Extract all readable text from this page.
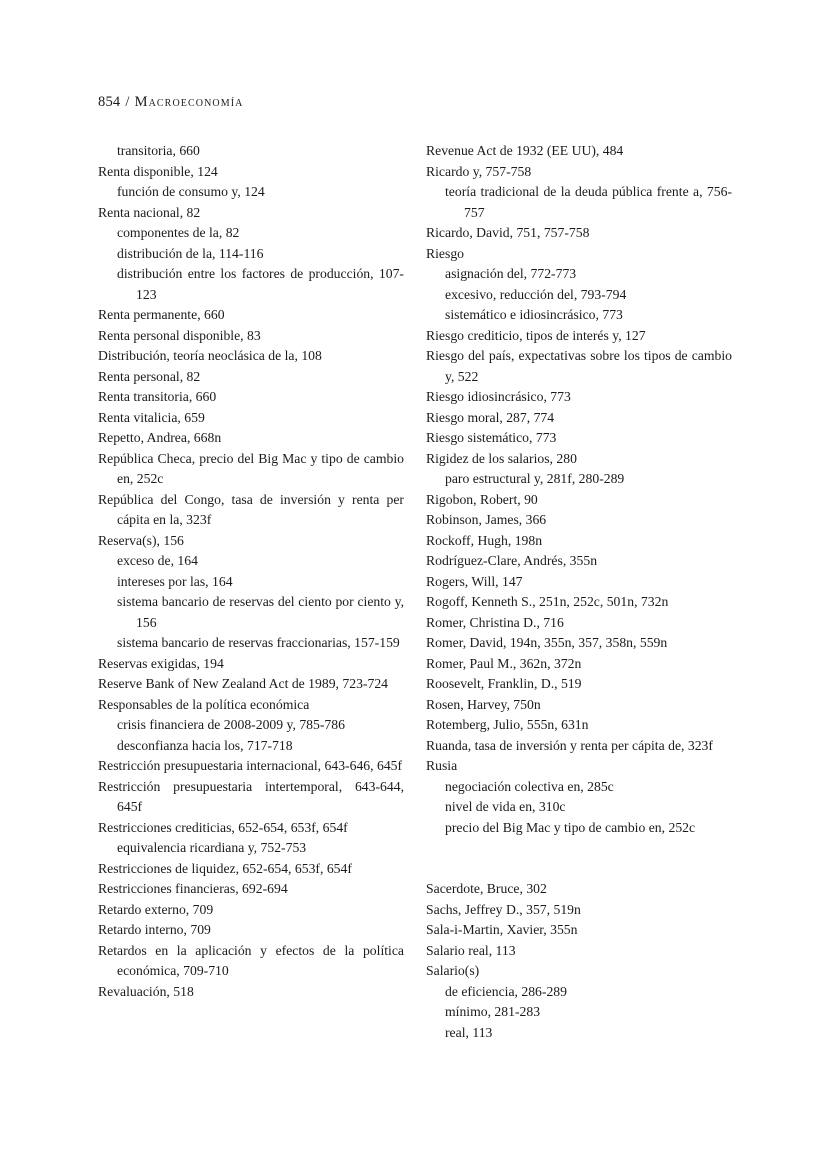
854 / Macroeconomía
transitoria, 660
Renta disponible, 124
función de consumo y, 124
Renta nacional, 82
componentes de la, 82
distribución de la, 114-116
distribución entre los factores de producción, 107-123
Renta permanente, 660
Renta personal disponible, 83
Distribución, teoría neoclásica de la, 108
Renta personal, 82
Renta transitoria, 660
Renta vitalicia, 659
Repetto, Andrea, 668n
República Checa, precio del Big Mac y tipo de cambio en, 252c
República del Congo, tasa de inversión y renta per cápita en la, 323f
Reserva(s), 156
exceso de, 164
intereses por las, 164
sistema bancario de reservas del ciento por ciento y, 156
sistema bancario de reservas fraccionarias, 157-159
Reservas exigidas, 194
Reserve Bank of New Zealand Act de 1989, 723-724
Responsables de la política económica
crisis financiera de 2008-2009 y, 785-786
desconfianza hacia los, 717-718
Restricción presupuestaria internacional, 643-646, 645f
Restricción presupuestaria intertemporal, 643-644, 645f
Restricciones crediticias, 652-654, 653f, 654f
equivalencia ricardiana y, 752-753
Restricciones de liquidez, 652-654, 653f, 654f
Restricciones financieras, 692-694
Retardo externo, 709
Retardo interno, 709
Retardos en la aplicación y efectos de la política económica, 709-710
Revaluación, 518
Revenue Act de 1932 (EE UU), 484
Ricardo y, 757-758
teoría tradicional de la deuda pública frente a, 756-757
Ricardo, David, 751, 757-758
Riesgo
asignación del, 772-773
excesivo, reducción del, 793-794
sistemático e idiosincrásico, 773
Riesgo crediticio, tipos de interés y, 127
Riesgo del país, expectativas sobre los tipos de cambio y, 522
Riesgo idiosincrásico, 773
Riesgo moral, 287, 774
Riesgo sistemático, 773
Rigidez de los salarios, 280
paro estructural y, 281f, 280-289
Rigobon, Robert, 90
Robinson, James, 366
Rockoff, Hugh, 198n
Rodríguez-Clare, Andrés, 355n
Rogers, Will, 147
Rogoff, Kenneth S., 251n, 252c, 501n, 732n
Romer, Christina D., 716
Romer, David, 194n, 355n, 357, 358n, 559n
Romer, Paul M., 362n, 372n
Roosevelt, Franklin, D., 519
Rosen, Harvey, 750n
Rotemberg, Julio, 555n, 631n
Ruanda, tasa de inversión y renta per cápita de, 323f
Rusia
negociación colectiva en, 285c
nivel de vida en, 310c
precio del Big Mac y tipo de cambio en, 252c
Sacerdote, Bruce, 302
Sachs, Jeffrey D., 357, 519n
Sala-i-Martin, Xavier, 355n
Salario real, 113
Salario(s)
de eficiencia, 286-289
mínimo, 281-283
real, 113
